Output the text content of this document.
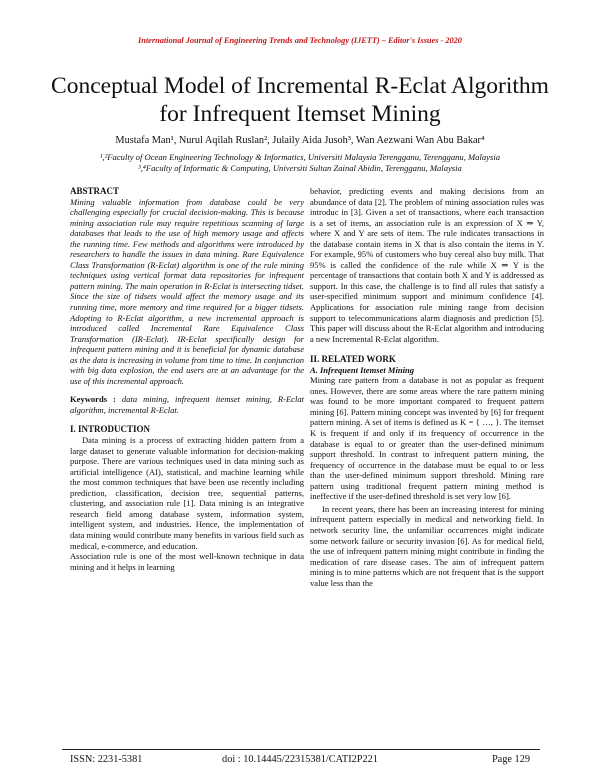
International Journal of Engineering Trends and Technology (IJETT) – Editor's Issues - 2020
Conceptual Model of Incremental R-Eclat Algorithm for Infrequent Itemset Mining
Mustafa Man¹, Nurul Aqilah Ruslan², Julaily Aida Jusoh³, Wan Aezwani Wan Abu Bakar⁴
¹,²Faculty of Ocean Engineering Technology & Informatics, Universiti Malaysia Terengganu, Terengganu, Malaysia
³,⁴Faculty of Informatic & Computing, Universiti Sultan Zainal Abidin, Terengganu, Malaysia

ABSTRACT

Mining valuable information from database could be very challenging especially for crucial decision-making. This is because mining association rule may require repetitious scanning of large databases that leads to the use of high memory usage and affects the running time. Few methods and algorithms were introduced by researchers to handle the issues in data mining. Rare Equivalence Class Transformation (R-Eclat) algorithm is one of the rule mining techniques using vertical format data repositories for infrequent pattern mining. The main operation in R-Eclat is intersecting tidset. Since the size of tidsets would affect the memory usage and its running time, more memory and time required for a bigger tidsets. Adopting to R-Eclat algorithm, a new incremental approach is introduced called Incremental Rare Equivalence Class Transformation (IR-Eclat). IR-Eclat specifically design for infrequent pattern mining and it is beneficial for dynamic database as the data is increasing in volume from time to time. In conjunction with big data explosion, the end users are at an advantage for the use of this incremental approach.

Keywords : data mining, infrequent itemset mining, R-Eclat algorithm, incremental R-Eclat.

I. INTRODUCTION

Data mining is a process of extracting hidden pattern from a large dataset to generate valuable information for decision-making purpose. There are various techniques used in data mining such as artificial intelligence (AI), statistical, and machine learning while the most common techniques that have been use recently including prediction, classification, decision tree, sequential patterns, clustering, and association rule [1]. Data mining is an integrative research field among database system, information system, intelligent system, and industries. Hence, the implementation of data mining would contribute many benefits in various field such as medical, e-commerce, and education.

Association rule is one of the most well-known technique in data mining and it helps in learning

behavior, predicting events and making decisions from an abundance of data [2]. The problem of mining association rules was introduc in [3]. Given a set of transactions, where each transaction is a set of items, an association rule is an expression of X ⇒ Y, where X and Y are sets of item. The rule indicates transactions in the database contain items in X that is also contain the items in Y. For example, 95% of customers who buy cereal also buy milk. That 95% is called the confidence of the rule while X ⇒ Y is the percentage of transactions that contain both X and Y is addressed as support. In this case, the challenge is to find all rules that satisfy a user-specified minimum support and minimum confidence [4]. Applications for association rule mining range from decision support to telecommunications alarm diagnosis and prediction [5]. This paper will discuss about the R-Eclat algorithm and introducing a new Incremental R-Eclat algorithm.

II. RELATED WORK

A. Infrequent Itemset Mining

Mining rare pattern from a database is not as popular as frequent ones. However, there are some areas where the rare pattern mining was found to be more important compared to frequent pattern mining [6]. Pattern mining concept was invented by [6] for frequent pattern mining. A set of items is defined as K = { …, }. The itemset K is frequent if and only if its frequency of occurrence in the database is equal to or greater than the user-defined minimum support threshold. In contrast to infrequent pattern mining, the frequency of occurrence in the database must be equal to or less than the user-defined minimum support threshold. Mining rare pattern using traditional frequent pattern mining method is ineffective if the user-defined threshold is set very low [6].

In recent years, there has been an increasing interest for mining infrequent pattern especially in medical and networking field. In network security line, the unfamiliar occurrences might indicate some network failure or security invasion [6]. As for medical field, the use of infrequent pattern mining might contribute in finding the medication of rare disease cases. The aim of infrequent pattern mining is to mine patterns which are not frequent that is the support value less than the

ISSN: 2231-5381	doi : 10.14445/22315381/CATI2P221	Page 129
